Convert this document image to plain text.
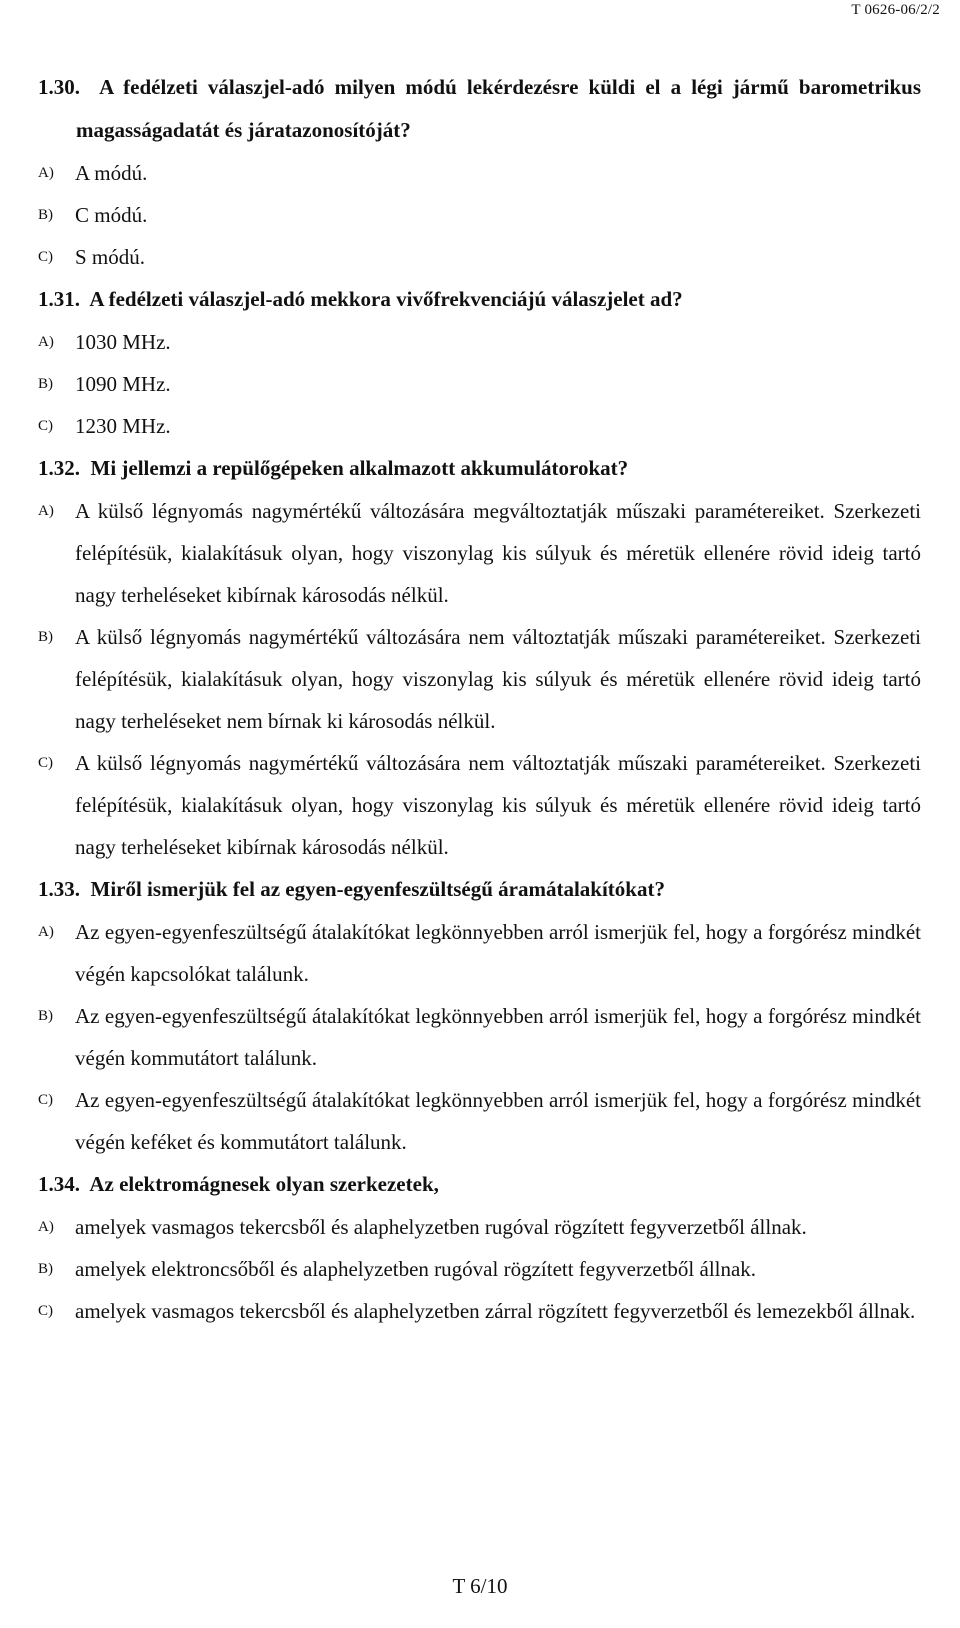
T 0626-06/2/2
1.30. A fedélzeti válaszjel-adó milyen módú lekérdezésre küldi el a légi jármű barometrikus magasságadatát és járatazonosítóját?
A)	A módú.
B)	C módú.
C)	S módú.
1.31. A fedélzeti válaszjel-adó mekkora vivőfrekvenciájú válaszjelet ad?
A)	1030 MHz.
B)	1090 MHz.
C)	1230 MHz.
1.32. Mi jellemzi a repülőgépeken alkalmazott akkumulátorokat?
A)	A külső légnyomás nagymértékű változására megváltoztatják műszaki paramétereiket. Szerkezeti felépítésük, kialakításuk olyan, hogy viszonylag kis súlyuk és méretük ellenére rövid ideig tartó nagy terheléseket kibírnak károsodás nélkül.
B)	A külső légnyomás nagymértékű változására nem változtatják műszaki paramétereiket. Szerkezeti felépítésük, kialakításuk olyan, hogy viszonylag kis súlyuk és méretük ellenére rövid ideig tartó nagy terheléseket nem bírnak ki károsodás nélkül.
C)	A külső légnyomás nagymértékű változására nem változtatják műszaki paramétereiket. Szerkezeti felépítésük, kialakításuk olyan, hogy viszonylag kis súlyuk és méretük ellenére rövid ideig tartó nagy terheléseket kibírnak károsodás nélkül.
1.33. Miről ismerjük fel az egyen-egyenfeszültségű áramátalakítókat?
A)	Az egyen-egyenfeszültségű átalakítókat legkönnyebben arról ismerjük fel, hogy a forgórész mindkét végén kapcsolókat találunk.
B)	Az egyen-egyenfeszültségű átalakítókat legkönnyebben arról ismerjük fel, hogy a forgórész mindkét végén kommutátort találunk.
C)	Az egyen-egyenfeszültségű átalakítókat legkönnyebben arról ismerjük fel, hogy a forgórész mindkét végén keféket és kommutátort találunk.
1.34. Az elektromágnesek olyan szerkezetek,
A)	amelyek vasmagos tekercsből és alaphelyzetben rugóval rögzített fegyverzetből állnak.
B)	amelyek elektroncsőből és alaphelyzetben rugóval rögzített fegyverzetből állnak.
C)	amelyek vasmagos tekercsből és alaphelyzetben zárral rögzített fegyverzetből és lemezekből állnak.
T 6/10
